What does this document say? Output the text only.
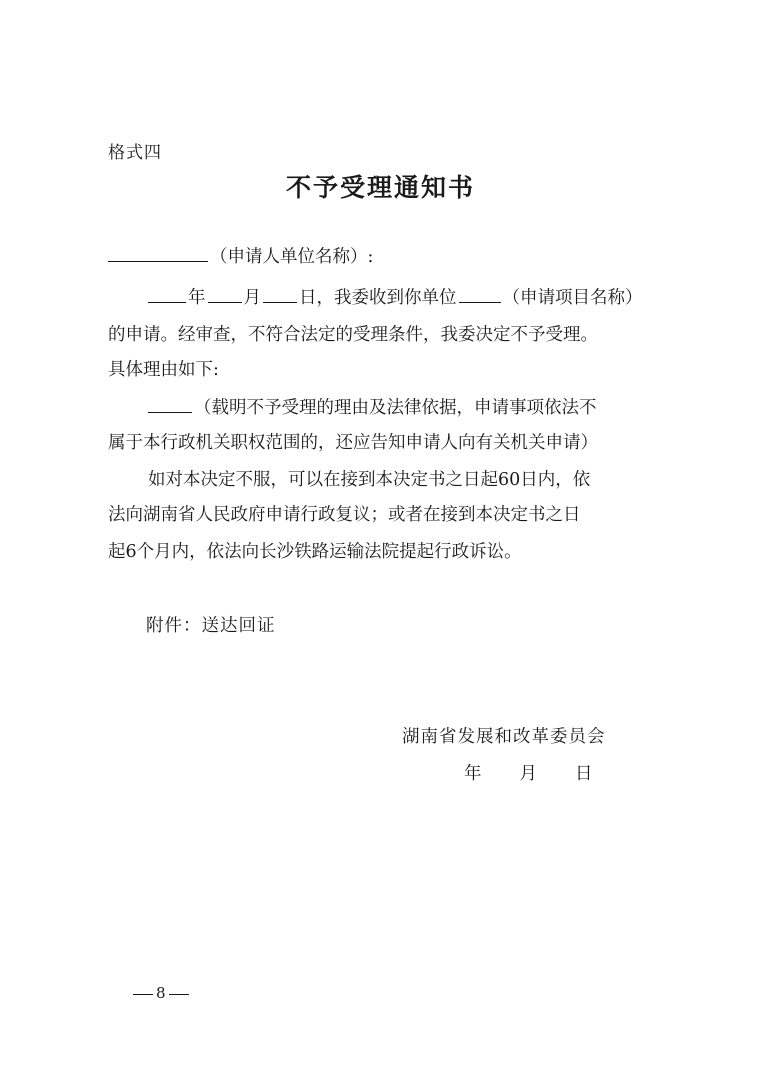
格式四
不予受理通知书
（申请人单位名称）:
年 月 日，我委收到你单位	（申请项目名称）
的申请。经审查，不符合法定的受理条件，我委决定不予受理。
具体理由如下:
（载明不予受理的理由及法律依据，申请事项依法不
属于本行政机关职权范围的，还应告知申请人向有关机关申请）
如对本决定不服，可以在接到本决定书之日起60日内，依
法向湖南省人民政府申请行政复议；或者在接到本决定书之日
起6个月内，依法向长沙铁路运输法院提起行政诉讼。
附件：送达回证
湖南省发展和改革委员会
年 月 日
8
